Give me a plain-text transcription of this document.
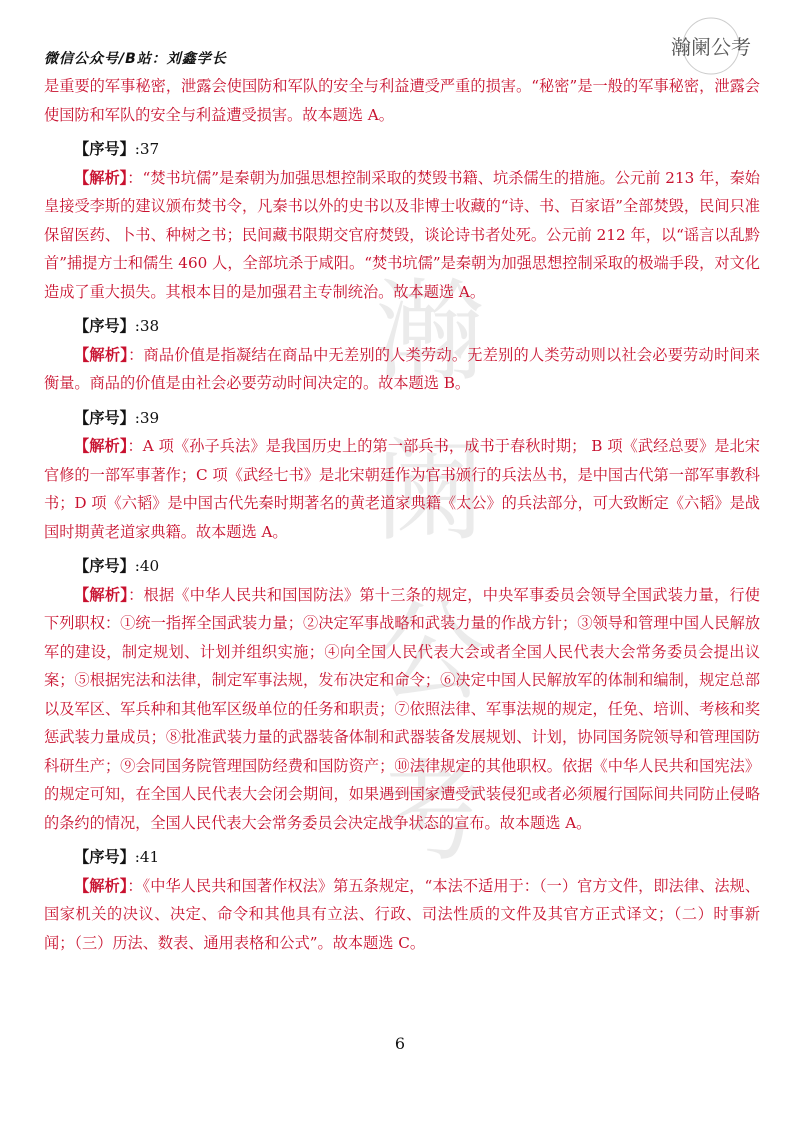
微信公众号/B站：刘鑫学长	瀚阑公考
瀚
阑
公
考

是重要的军事秘密，泄露会使国防和军队的安全与利益遭受严重的损害。“秘密”是一般的军事秘密，泄露会使国防和军队的安全与利益遭受损害。故本题选 A。

【序号】:37

【解析】：“焚书坑儒”是秦朝为加强思想控制采取的焚毁书籍、坑杀儒生的措施。公元前 213 年，秦始皇接受李斯的建议颁布焚书令，凡秦书以外的史书以及非博士收藏的“诗、书、百家语”全部焚毁，民间只准保留医药、卜书、种树之书；民间藏书限期交官府焚毁，谈论诗书者处死。公元前 212 年，以“谣言以乱黔首”捕提方士和儒生 460 人，全部坑杀于咸阳。“焚书坑儒”是秦朝为加强思想控制采取的极端手段，对文化造成了重大损失。其根本目的是加强君主专制统治。故本题选 A。

【序号】:38

【解析】：商品价值是指凝结在商品中无差别的人类劳动。无差别的人类劳动则以社会必要劳动时间来衡量。商品的价值是由社会必要劳动时间决定的。故本题选 B。

【序号】:39

【解析】：A 项《孙子兵法》是我国历史上的第一部兵书，成书于春秋时期； B 项《武经总要》是北宋官修的一部军事著作；C 项《武经七书》是北宋朝廷作为官书颁行的兵法丛书，是中国古代第一部军事教科书；D 项《六韬》是中国古代先秦时期著名的黄老道家典籍《太公》的兵法部分，可大致断定《六韬》是战国时期黄老道家典籍。故本题选 A。

【序号】:40

【解析】：根据《中华人民共和国国防法》第十三条的规定，中央军事委员会领导全国武装力量，行使下列职权：①统一指挥全国武装力量；②决定军事战略和武装力量的作战方针；③领导和管理中国人民解放军的建设，制定规划、计划并组织实施；④向全国人民代表大会或者全国人民代表大会常务委员会提出议案；⑤根据宪法和法律，制定军事法规，发布决定和命令；⑥决定中国人民解放军的体制和编制，规定总部以及军区、军兵种和其他军区级单位的任务和职责；⑦依照法律、军事法规的规定，任免、培训、考核和奖惩武装力量成员；⑧批准武装力量的武器装备体制和武器装备发展规划、计划，协同国务院领导和管理国防科研生产；⑨会同国务院管理国防经费和国防资产；⑩法律规定的其他职权。依据《中华人民共和国宪法》的规定可知，在全国人民代表大会闭会期间，如果遇到国家遭受武装侵犯或者必须履行国际间共同防止侵略的条约的情况，全国人民代表大会常务委员会决定战争状态的宣布。故本题选 A。

【序号】:41

【解析】：《中华人民共和国著作权法》第五条规定，“本法不适用于：（一）官方文件，即法律、法规、国家机关的决议、决定、命令和其他具有立法、行政、司法性质的文件及其官方正式译文；（二）时事新闻；（三）历法、数表、通用表格和公式”。故本题选 C。

6
